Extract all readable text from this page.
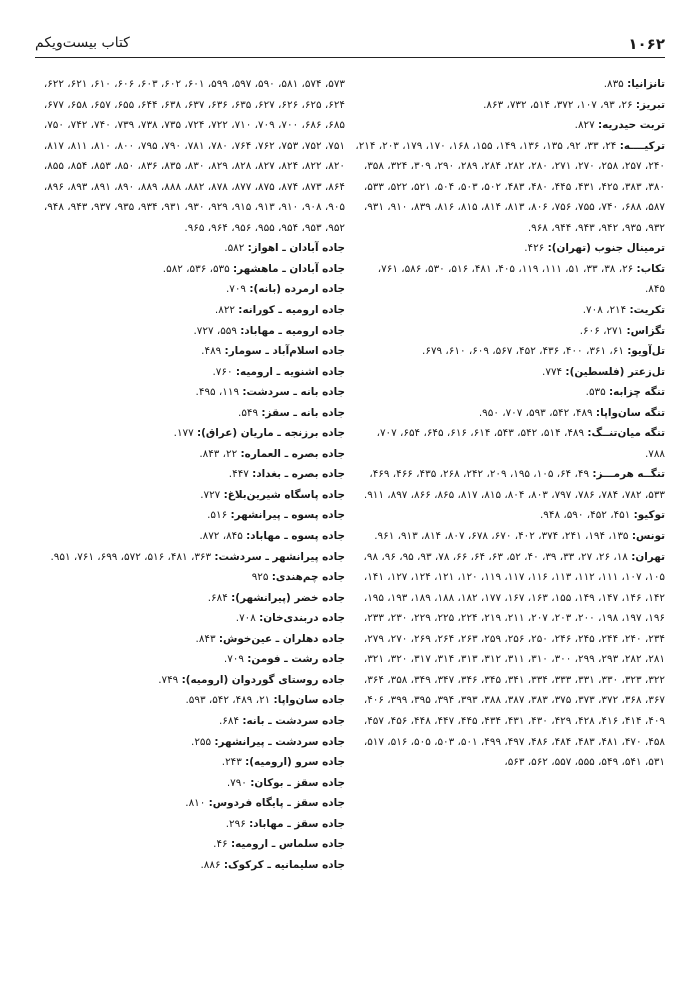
۱۰۶۲
کتاب بیست‌ویکم
تانزانیا: ۸۳۵.
تبریز: ۲۶، ۹۳، ۱۰۷، ۳۷۲، ۵۱۴، ۷۳۲، ۸۶۳.
تربت حیدریه: ۸۲۷.
ترکیــــه: ۲۴، ۳۳، ۹۲، ۱۳۵، ۱۳۶، ۱۴۹، ۱۵۵، ۱۶۸، ۱۷۰، ۱۷۹، ۲۰۳، ۲۱۴، ۲۴۰، ۲۵۷، ۲۵۸، ۲۷۰، ۲۷۱، ۲۸۰، ۲۸۲، ۲۸۴، ۲۸۹، ۲۹۰، ۳۰۹، ۳۲۴، ۳۵۸، ۳۸۰، ۳۸۳، ۴۲۵، ۴۳۱، ۴۴۵، ۴۸۰، ۴۸۳، ۵۰۲، ۵۰۳، ۵۰۴، ۵۲۱، ۵۲۲، ۵۳۳، ۵۸۷، ۶۸۸، ۷۴۰، ۷۵۵، ۷۵۶، ۸۰۶، ۸۱۳، ۸۱۴، ۸۱۵، ۸۱۶، ۸۳۹، ۹۱۰، ۹۳۱، ۹۳۲، ۹۳۵، ۹۴۲، ۹۴۳، ۹۴۴، ۹۶۸.
ترمینال جنوب (تهران): ۴۲۶.
تکاب: ۲۶، ۳۸، ۳۳، ۵۱، ۱۱۱، ۱۱۹، ۴۰۵، ۴۸۱، ۵۱۶، ۵۳۰، ۵۸۶، ۷۶۱، ۸۴۵.
تکریت: ۲۱۴، ۷۰۸.
تگزاس: ۲۷۱، ۶۰۶.
تل‌آویو: ۶۱، ۳۶۱، ۴۰۰، ۴۳۶، ۴۵۲، ۵۶۷، ۶۰۹، ۶۱۰، ۶۷۹.
تل‌زعتر (فلسطین): ۷۷۴.
تنگه چزابه: ۵۳۵.
تنگه سان‌واپا: ۴۸۹، ۵۴۲، ۵۹۳، ۷۰۷، ۹۵۰.
تنگه میان‌تنــگ: ۴۸۹، ۵۱۴، ۵۴۲، ۵۴۳، ۶۱۴، ۶۱۶، ۶۴۵، ۶۵۴، ۷۰۷، ۷۸۸.
تنگــه هرمـــز: ۴۹، ۶۴، ۱۰۵، ۱۹۵، ۲۰۹، ۲۴۲، ۲۶۸، ۴۳۵، ۴۶۶، ۴۶۹، ۵۳۳، ۷۸۲، ۷۸۴، ۷۸۶، ۷۹۷، ۸۰۳، ۸۰۴، ۸۱۵، ۸۱۷، ۸۶۵، ۸۶۶، ۸۹۷، ۹۱۱.
توکیو: ۴۵۱، ۴۵۲، ۵۹۰، ۹۴۸.
تونس: ۱۳۵، ۱۹۴، ۲۴۱، ۳۷۴، ۴۰۲، ۶۷۰، ۶۷۸، ۸۰۷، ۸۱۴، ۹۱۳، ۹۶۱.
تهران: ۱۸، ۲۶، ۲۷، ۳۳، ۳۹، ۴۰، ۵۲، ۶۳، ۶۴، ۶۶، ۷۸، ۹۳، ۹۵، ۹۶، ۹۸، ۱۰۵، ۱۰۷، ۱۱۱، ۱۱۲، ۱۱۳، ۱۱۶، ۱۱۷، ۱۱۹، ۱۲۰، ۱۲۱، ۱۲۴، ۱۲۷، ۱۴۱، ۱۴۲، ۱۴۶، ۱۴۷، ۱۴۹، ۱۵۵، ۱۶۳، ۱۶۷، ۱۷۷، ۱۸۲، ۱۸۸، ۱۸۹، ۱۹۳، ۱۹۵، ۱۹۶، ۱۹۷، ۱۹۸، ۲۰۰، ۲۰۳، ۲۰۷، ۲۱۱، ۲۱۹، ۲۲۴، ۲۲۵، ۲۲۹، ۲۳۰، ۲۳۳، ۲۳۴، ۲۴۰، ۲۴۴، ۲۴۵، ۲۴۶، ۲۵۰، ۲۵۶، ۲۵۹، ۲۶۳، ۲۶۴، ۲۶۹، ۲۷۰، ۲۷۹، ۲۸۱، ۲۸۲، ۲۹۳، ۲۹۹، ۳۰۰، ۳۱۰، ۳۱۱، ۳۱۲، ۳۱۳، ۳۱۴، ۳۱۷، ۳۲۰، ۳۲۱، ۳۲۲، ۳۲۳، ۳۳۰، ۳۳۱، ۳۳۳، ۳۳۴، ۳۴۱، ۳۴۵، ۳۴۶، ۳۴۷، ۳۴۹، ۳۵۸، ۳۶۴، ۳۶۷، ۳۶۸، ۳۷۲، ۳۷۳، ۳۷۵، ۳۸۳، ۳۸۷، ۳۸۸، ۳۹۳، ۳۹۴، ۳۹۵، ۳۹۹، ۴۰۶، ۴۰۹، ۴۱۴، ۴۱۶، ۴۲۸، ۴۲۹، ۴۳۰، ۴۳۱، ۴۳۴، ۴۴۵، ۴۴۷، ۴۴۸، ۴۵۶، ۴۵۷، ۴۵۸، ۴۷۰، ۴۸۱، ۴۸۳، ۴۸۴، ۴۸۶، ۴۹۷، ۴۹۹، ۵۰۱، ۵۰۳، ۵۰۵، ۵۱۶، ۵۱۷، ۵۳۱، ۵۴۱، ۵۴۹، ۵۵۵، ۵۵۷، ۵۶۲، ۵۶۳،
۵۷۳، ۵۷۴، ۵۸۱، ۵۹۰، ۵۹۷، ۵۹۹، ۶۰۱، ۶۰۲، ۶۰۳، ۶۰۶، ۶۱۰، ۶۲۱، ۶۲۲، ۶۲۴، ۶۲۵، ۶۲۶، ۶۲۷، ۶۳۵، ۶۳۶، ۶۳۷، ۶۳۸، ۶۴۴، ۶۵۵، ۶۵۷، ۶۵۸، ۶۷۷، ۶۸۵، ۶۸۶، ۷۰۰، ۷۰۹، ۷۱۰، ۷۲۲، ۷۲۴، ۷۳۵، ۷۳۸، ۷۳۹، ۷۴۰، ۷۴۲، ۷۵۰، ۷۵۱، ۷۵۲، ۷۵۳، ۷۶۲، ۷۶۴، ۷۸۰، ۷۸۱، ۷۹۰، ۷۹۵، ۸۰۰، ۸۱۰، ۸۱۱، ۸۱۷، ۸۲۰، ۸۲۲، ۸۲۴، ۸۲۷، ۸۲۸، ۸۲۹، ۸۳۰، ۸۳۵، ۸۳۶، ۸۵۰، ۸۵۳، ۸۵۴، ۸۵۵، ۸۶۴، ۸۷۳، ۸۷۴، ۸۷۵، ۸۷۷، ۸۷۸، ۸۸۲، ۸۸۸، ۸۸۹، ۸۹۰، ۸۹۱، ۸۹۳، ۸۹۶، ۹۰۵، ۹۰۸، ۹۱۰، ۹۱۳، ۹۱۵، ۹۲۹، ۹۳۰، ۹۳۱، ۹۳۴، ۹۳۵، ۹۳۷، ۹۴۳، ۹۴۸، ۹۵۲، ۹۵۳، ۹۵۴، ۹۵۵، ۹۵۶، ۹۶۴، ۹۶۵.
جاده آبادان ـ اهواز: ۵۸۲.
جاده آبادان ـ ماهشهر: ۵۳۵، ۵۳۶، ۵۸۲.
جاده ارمرده (بانه): ۷۰۹.
جاده ارومیه ـ کورانه: ۸۲۲.
جاده ارومیه ـ مهاباد: ۵۵۹، ۷۲۷.
جاده اسلام‌آباد ـ سومار: ۴۸۹.
جاده اشنویه ـ ارومیه: ۷۶۰.
جاده بانه ـ سردشت: ۱۱۹، ۴۹۵.
جاده بانه ـ سقز: ۵۴۹.
جاده برزنجه ـ ماریان (عراق): ۱۷۷.
جاده بصره ـ العماره: ۲۲، ۸۴۳.
جاده بصره ـ بغداد: ۴۴۷.
جاده پاسگاه شیرین‌بلاغ: ۷۲۷.
جاده پسوه ـ پیرانشهر: ۵۱۶.
جاده پسوه ـ مهاباد: ۸۴۵، ۸۷۲.
جاده پیرانشهر ـ سردشت: ۳۶۳، ۴۸۱، ۵۱۶، ۵۷۲، ۶۹۹، ۷۶۱، ۹۵۱.
جاده چم‌هندی: ۹۲۵
جاده خضر (پیرانشهر): ۶۸۴.
جاده دربندی‌خان: ۷۰۸.
جاده دهلران ـ عین‌خوش: ۸۴۳.
جاده رشت ـ فومن: ۷۰۹.
جاده روستای گوردوان (ارومیه): ۷۴۹.
جاده سان‌واپا: ۲۱، ۴۸۹، ۵۴۲، ۵۹۳.
جاده سردشت ـ بانه: ۶۸۴.
جاده سردشت ـ پیرانشهر: ۲۵۵.
جاده سرو (ارومیه): ۲۴۳.
جاده سقز ـ بوکان: ۷۹۰.
جاده سقز ـ پایگاه فردوس: ۸۱۰.
جاده سقز ـ مهاباد: ۲۹۶.
جاده سلماس ـ ارومیه: ۴۶.
جاده سلیمانیه ـ کرکوک: ۸۸۶.
